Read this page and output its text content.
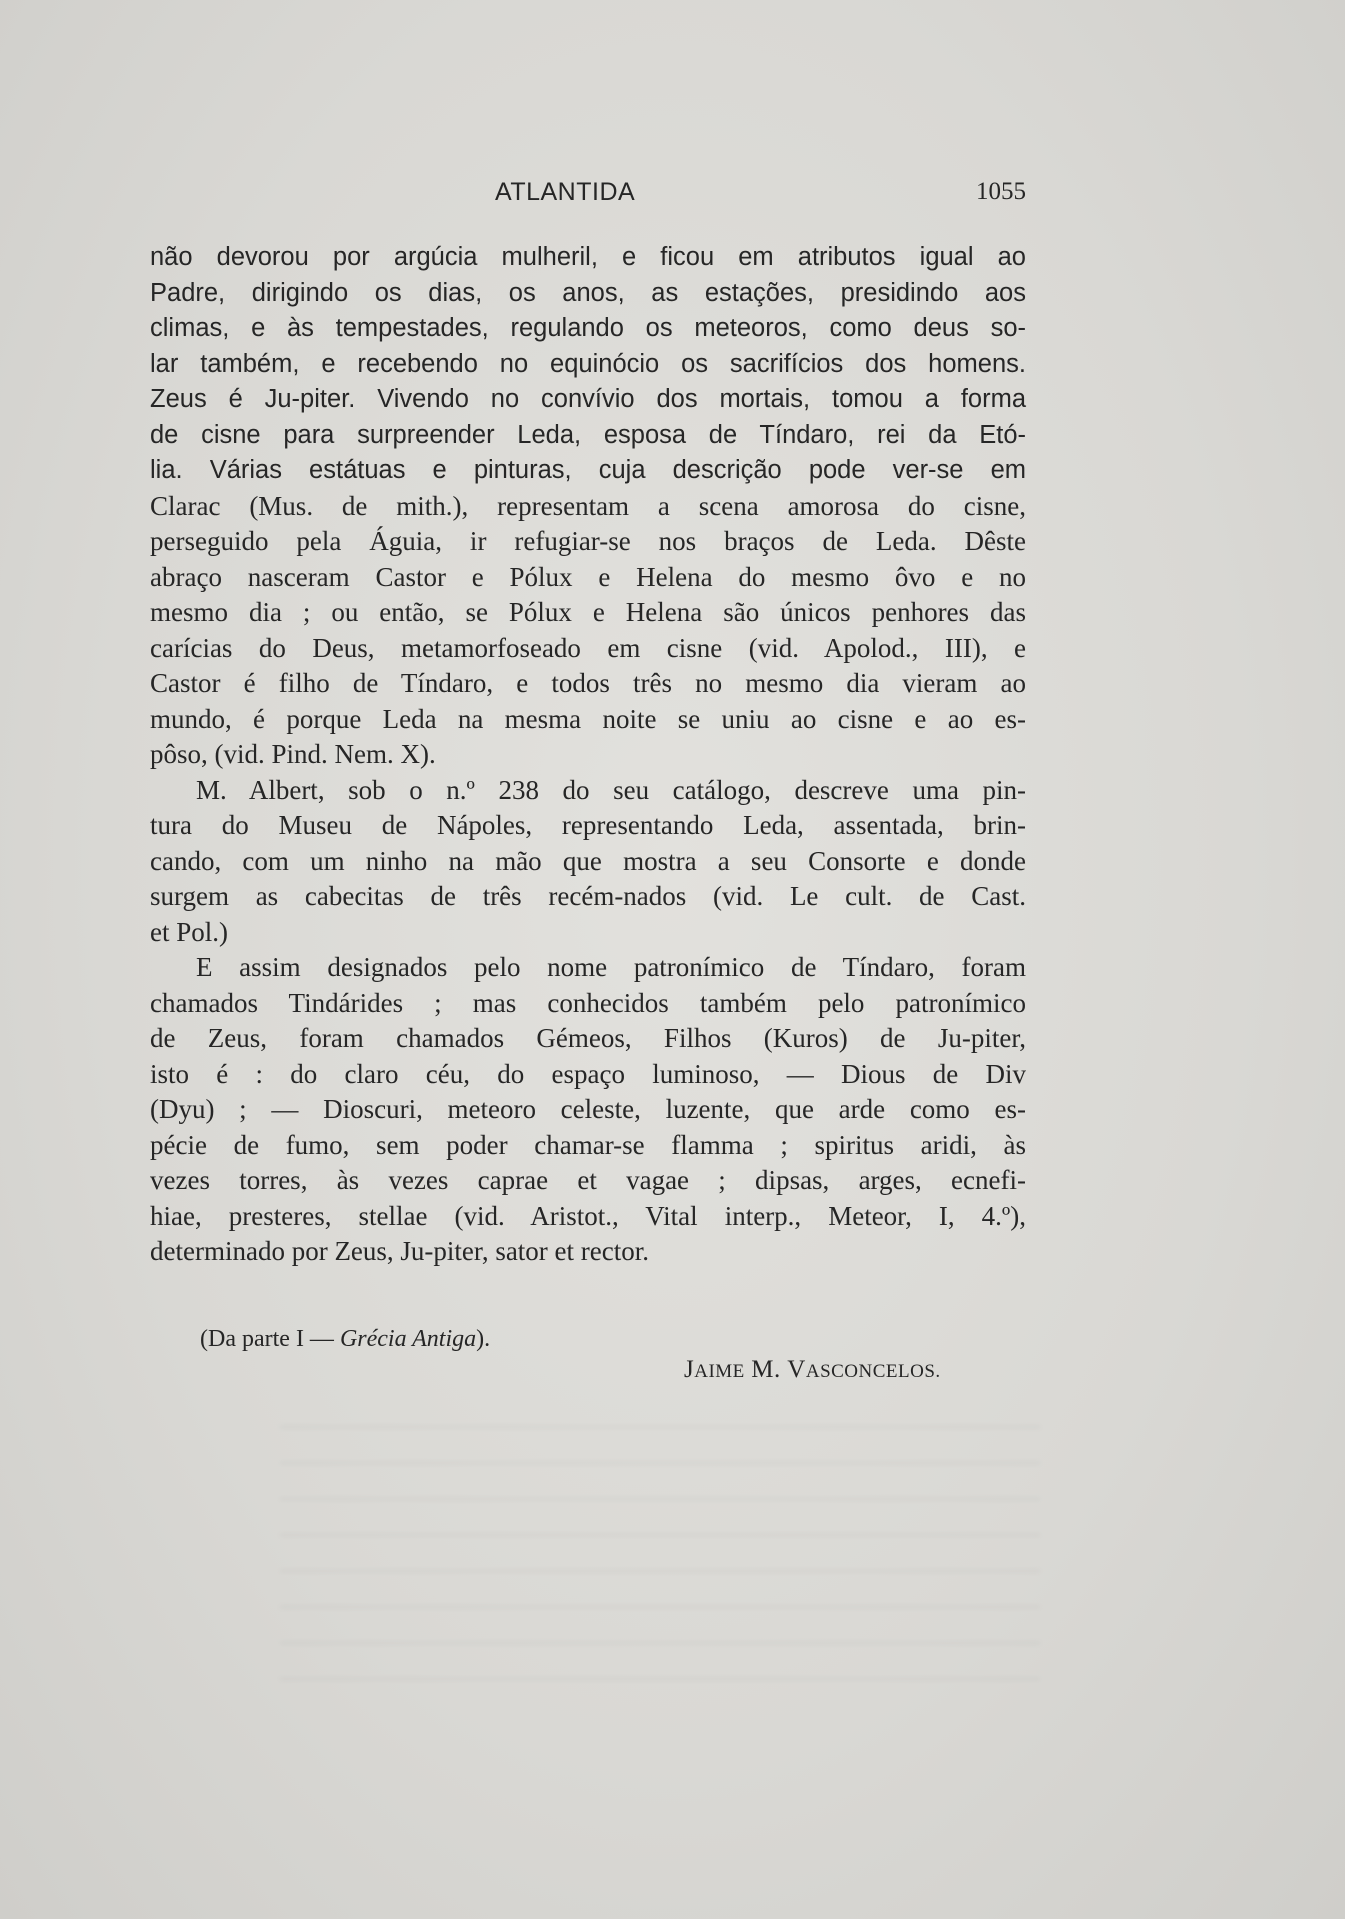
ATLANTIDA	1055
não devorou por argúcia mulheril, e ficou em atributos igual ao
Padre, dirigindo os dias, os anos, as estações, presidindo aos
climas, e às tempestades, regulando os meteoros, como deus so-
lar também, e recebendo no equinócio os sacrifícios dos homens.
Zeus é Ju-piter. Vivendo no convívio dos mortais, tomou a forma
de cisne para surpreender Leda, esposa de Tíndaro, rei da Etó-
lia. Várias estátuas e pinturas, cuja descrição pode ver-se em
Clarac (Mus. de mith.), representam a scena amorosa do cisne,
perseguido pela Águia, ir refugiar-se nos braços de Leda. Dêste
abraço nasceram Castor e Pólux e Helena do mesmo ôvo e no
mesmo dia ; ou então, se Pólux e Helena são únicos penhores das
carícias do Deus, metamorfoseado em cisne (vid. Apolod., III), e
Castor é filho de Tíndaro, e todos três no mesmo dia vieram ao
mundo, é porque Leda na mesma noite se uniu ao cisne e ao es-
pôso, (vid. Pind. Nem. X).
M. Albert, sob o n.º 238 do seu catálogo, descreve uma pin-
tura do Museu de Nápoles, representando Leda, assentada, brin-
cando, com um ninho na mão que mostra a seu Consorte e donde
surgem as cabecitas de três recém-nados (vid. Le cult. de Cast.
et Pol.)
E assim designados pelo nome patronímico de Tíndaro, foram
chamados Tindárides ; mas conhecidos também pelo patronímico
de Zeus, foram chamados Gémeos, Filhos (Kuros) de Ju-piter,
isto é : do claro céu, do espaço luminoso, — Dious de Div
(Dyu) ; — Dioscuri, meteoro celeste, luzente, que arde como es-
pécie de fumo, sem poder chamar-se flamma ; spiritus aridi, às
vezes torres, às vezes caprae et vagae ; dipsas, arges, ecnefi-
hiae, presteres, stellae (vid. Aristot., Vital interp., Meteor, I, 4.º),
determinado por Zeus, Ju-piter, sator et rector.
(Da parte I — Grécia Antiga).
JAIME M. VASCONCELOS.
